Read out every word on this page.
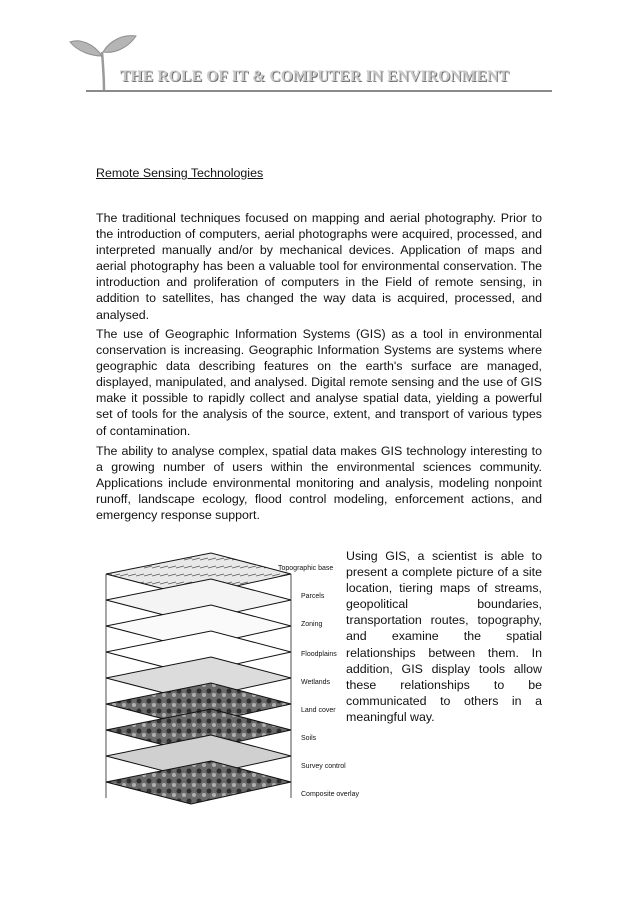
THE ROLE OF IT & COMPUTER IN ENVIRONMENT
Remote Sensing Technologies

The traditional techniques focused on mapping and aerial photography. Prior to the introduction of computers, aerial photographs were acquired, processed, and interpreted manually and/or by mechanical devices. Application of maps and aerial photography has been a valuable tool for environmental conservation. The introduction and proliferation of computers in the Field of remote sensing, in addition to satellites, has changed the way data is acquired, processed, and analysed.

The use of Geographic Information Systems (GIS) as a tool in environmental conservation is increasing. Geographic Information Systems are systems where geographic data describing features on the earth's surface are managed, displayed, manipulated, and analysed. Digital remote sensing and the use of GIS make it possible to rapidly collect and analyse spatial data, yielding a powerful set of tools for the analysis of the source, extent, and transport of various types of contamination.

The ability to analyse complex, spatial data makes GIS technology interesting to a growing number of users within the environmental sciences community. Applications include environmental monitoring and analysis, modeling nonpoint runoff, landscape ecology, flood control modeling, enforcement actions, and emergency response support.

Topographic base
Parcels
Zoning
Floodplains
Wetlands
Land cover
Soils
Survey control
Composite overlay

Using GIS, a scientist is able to present a complete picture of a site location, tiering maps of streams, geopolitical boundaries, transportation routes, topography, and examine the spatial relationships between them. In addition, GIS display tools allow these relationships to be communicated to others in a meaningful way.
